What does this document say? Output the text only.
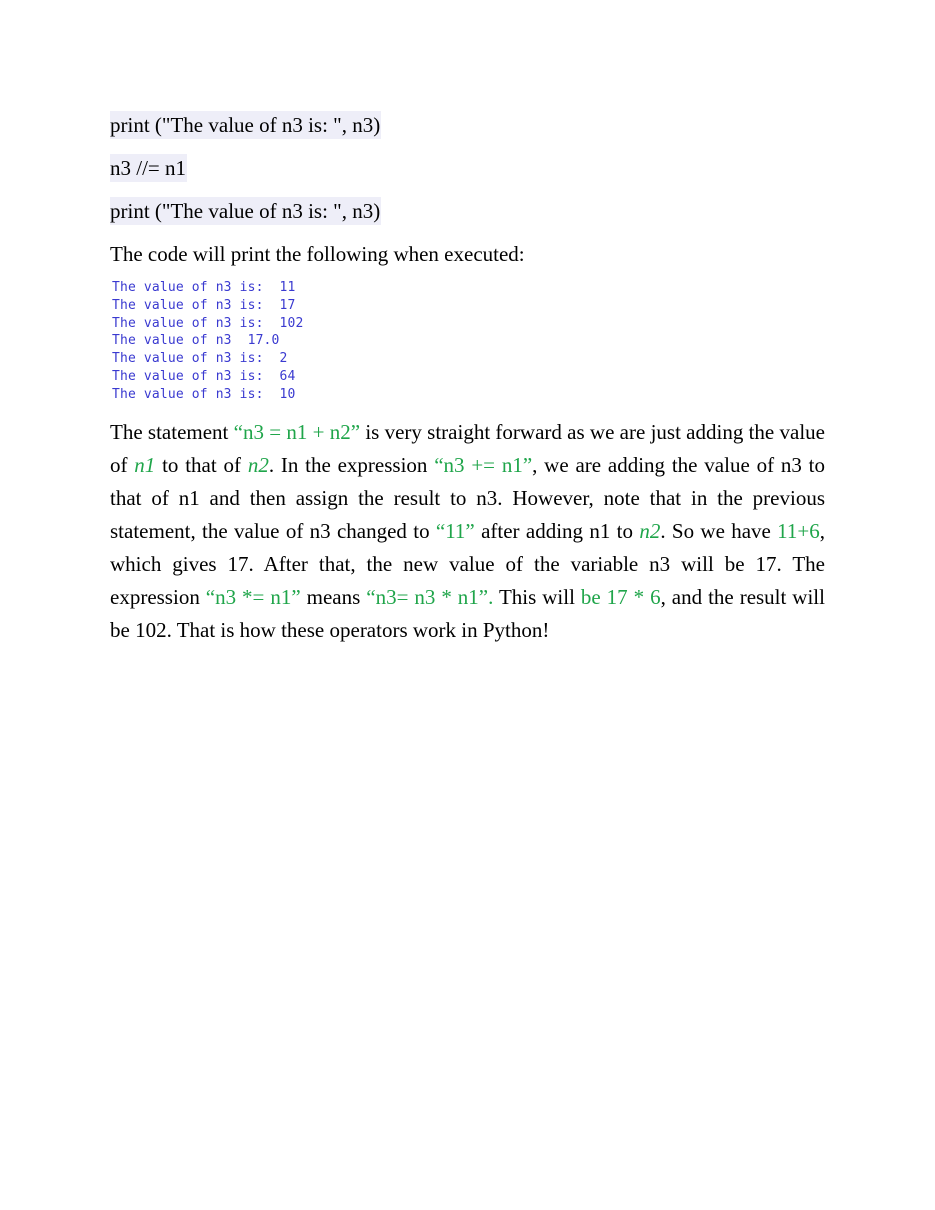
print ("The value of n3 is: ", n3)

n3 //= n1

print ("The value of n3 is: ", n3)

The code will print the following when executed:

The value of n3 is:  11
The value of n3 is:  17
The value of n3 is:  102
The value of n3  17.0
The value of n3 is:  2
The value of n3 is:  64
The value of n3 is:  10

The statement “n3 = n1 + n2” is very straight forward as we are just adding the value of n1 to that of n2. In the expression “n3 += n1”, we are adding the value of n3 to that of n1 and then assign the result to n3. However, note that in the previous statement, the value of n3 changed to “11” after adding n1 to n2. So we have 11+6, which gives 17. After that, the new value of the variable n3 will be 17. The expression “n3 *= n1” means “n3= n3 * n1”. This will be 17 * 6, and the result will be 102. That is how these operators work in Python!
